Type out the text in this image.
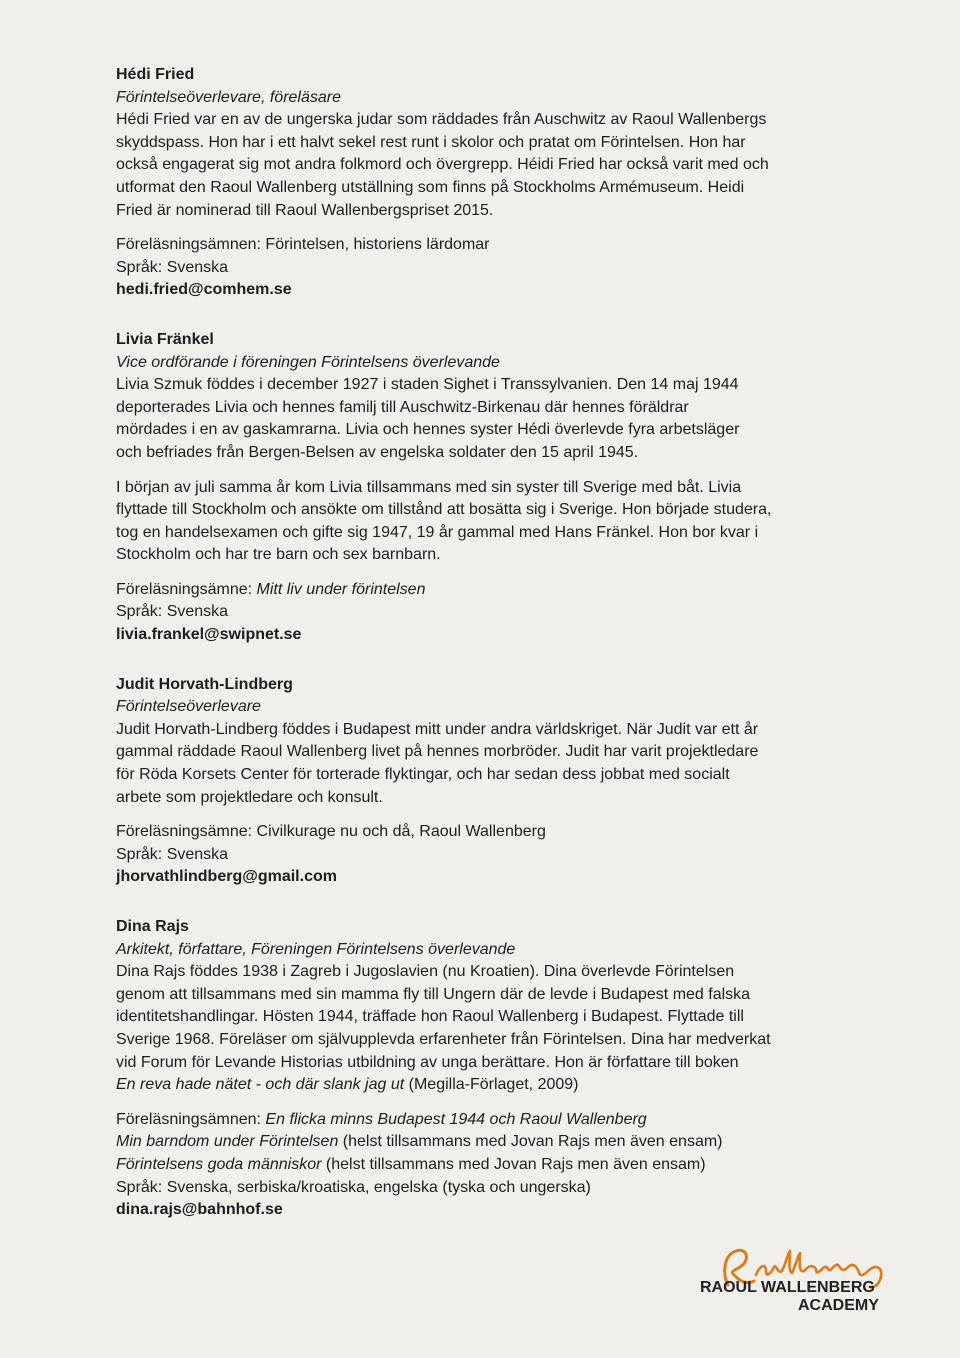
Hédi Fried
Förintelseöverlevare, föreläsare
Hédi Fried var en av de ungerska judar som räddades från Auschwitz av Raoul Wallenbergs
skyddspass. Hon har i ett halvt sekel rest runt i skolor och pratat om Förintelsen. Hon har
också engagerat sig mot andra folkmord och övergrepp. Héidi Fried har också varit med och
utformat den Raoul Wallenberg utställning som finns på Stockholms Armémuseum. Heidi
Fried är nominerad till Raoul Wallenbergspriset 2015.
Föreläsningsämnen: Förintelsen, historiens lärdomar
Språk: Svenska
hedi.fried@comhem.se
Livia Fränkel
Vice ordförande i föreningen Förintelsens överlevande
Livia Szmuk föddes i december 1927 i staden Sighet i Transsylvanien. Den 14 maj 1944
deporterades Livia och hennes familj till Auschwitz-Birkenau där hennes föräldrar
mördades i en av gaskamrarna. Livia och hennes syster Hédi överlevde fyra arbetsläger
och befriades från Bergen-Belsen av engelska soldater den 15 april 1945.
I början av juli samma år kom Livia tillsammans med sin syster till Sverige med båt. Livia
flyttade till Stockholm och ansökte om tillstånd att bosätta sig i Sverige. Hon började studera,
tog en handelsexamen och gifte sig 1947, 19 år gammal med Hans Fränkel. Hon bor kvar i
Stockholm och har tre barn och sex barnbarn.
Föreläsningsämne: Mitt liv under förintelsen
Språk: Svenska
livia.frankel@swipnet.se
Judit Horvath-Lindberg
Förintelseöverlevare
Judit Horvath-Lindberg föddes i Budapest mitt under andra världskriget. När Judit var ett år
gammal räddade Raoul Wallenberg livet på hennes morbröder. Judit har varit projektledare
för Röda Korsets Center för torterade flyktingar, och har sedan dess jobbat med socialt
arbete som projektledare och konsult.
Föreläsningsämne: Civilkurage nu och då, Raoul Wallenberg
Språk: Svenska
jhorvathlindberg@gmail.com
Dina Rajs
Arkitekt, författare, Föreningen Förintelsens överlevande
Dina Rajs föddes 1938 i Zagreb i Jugoslavien (nu Kroatien). Dina överlevde Förintelsen
genom att tillsammans med sin mamma fly till Ungern där de levde i Budapest med falska
identitetshandlingar. Hösten 1944, träffade hon Raoul Wallenberg i Budapest. Flyttade till
Sverige 1968. Föreläser om självupplevda erfarenheter från Förintelsen. Dina har medverkat
vid Forum för Levande Historias utbildning av unga berättare. Hon är författare till boken
En reva hade nätet - och där slank jag ut (Megilla-Förlaget, 2009)
Föreläsningsämnen: En flicka minns Budapest 1944 och Raoul Wallenberg
Min barndom under Förintelsen (helst tillsammans med Jovan Rajs men även ensam)
Förintelsens goda människor (helst tillsammans med Jovan Rajs men även ensam)
Språk: Svenska, serbiska/kroatiska, engelska (tyska och ungerska)
dina.rajs@bahnhof.se
RAOUL WALLENBERG
ACADEMY
